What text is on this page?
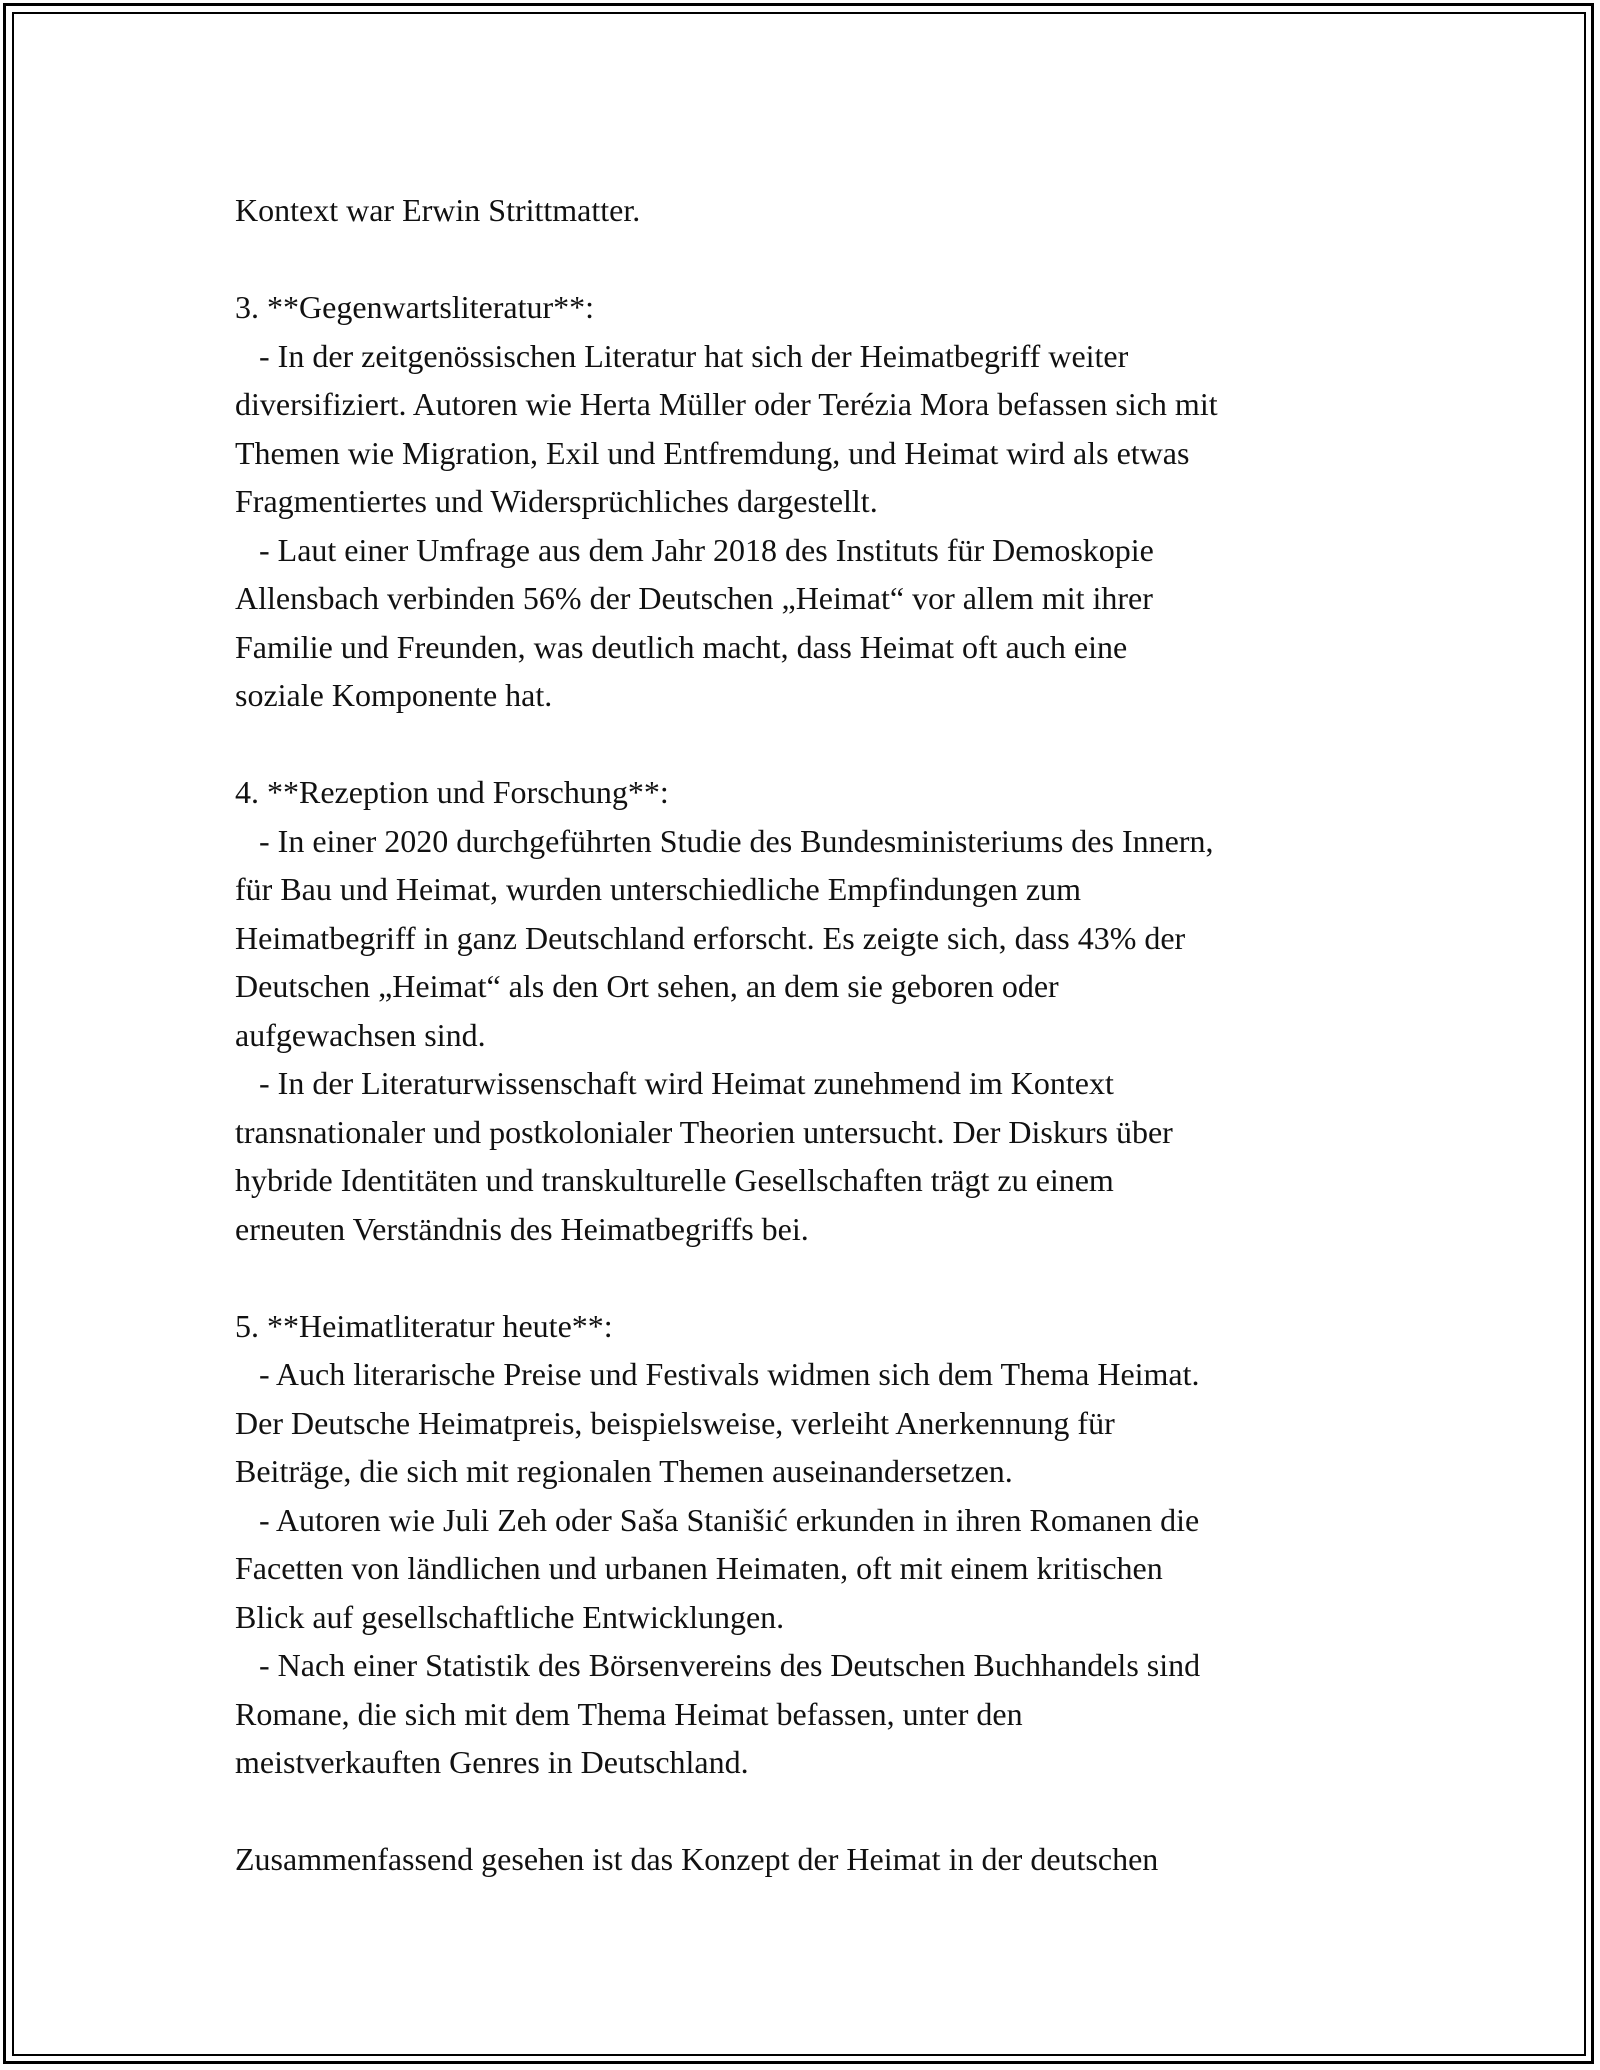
Kontext war Erwin Strittmatter.
3. **Gegenwartsliteratur**:
- In der zeitgenössischen Literatur hat sich der Heimatbegriff weiter
diversifiziert. Autoren wie Herta Müller oder Terézia Mora befassen sich mit
Themen wie Migration, Exil und Entfremdung, und Heimat wird als etwas
Fragmentiertes und Widersprüchliches dargestellt.
- Laut einer Umfrage aus dem Jahr 2018 des Instituts für Demoskopie
Allensbach verbinden 56% der Deutschen „Heimat“ vor allem mit ihrer
Familie und Freunden, was deutlich macht, dass Heimat oft auch eine
soziale Komponente hat.
4. **Rezeption und Forschung**:
- In einer 2020 durchgeführten Studie des Bundesministeriums des Innern,
für Bau und Heimat, wurden unterschiedliche Empfindungen zum
Heimatbegriff in ganz Deutschland erforscht. Es zeigte sich, dass 43% der
Deutschen „Heimat“ als den Ort sehen, an dem sie geboren oder
aufgewachsen sind.
- In der Literaturwissenschaft wird Heimat zunehmend im Kontext
transnationaler und postkolonialer Theorien untersucht. Der Diskurs über
hybride Identitäten und transkulturelle Gesellschaften trägt zu einem
erneuten Verständnis des Heimatbegriffs bei.
5. **Heimatliteratur heute**:
- Auch literarische Preise und Festivals widmen sich dem Thema Heimat.
Der Deutsche Heimatpreis, beispielsweise, verleiht Anerkennung für
Beiträge, die sich mit regionalen Themen auseinandersetzen.
- Autoren wie Juli Zeh oder Saša Stanišić erkunden in ihren Romanen die
Facetten von ländlichen und urbanen Heimaten, oft mit einem kritischen
Blick auf gesellschaftliche Entwicklungen.
- Nach einer Statistik des Börsenvereins des Deutschen Buchhandels sind
Romane, die sich mit dem Thema Heimat befassen, unter den
meistverkauften Genres in Deutschland.
Zusammenfassend gesehen ist das Konzept der Heimat in der deutschen
